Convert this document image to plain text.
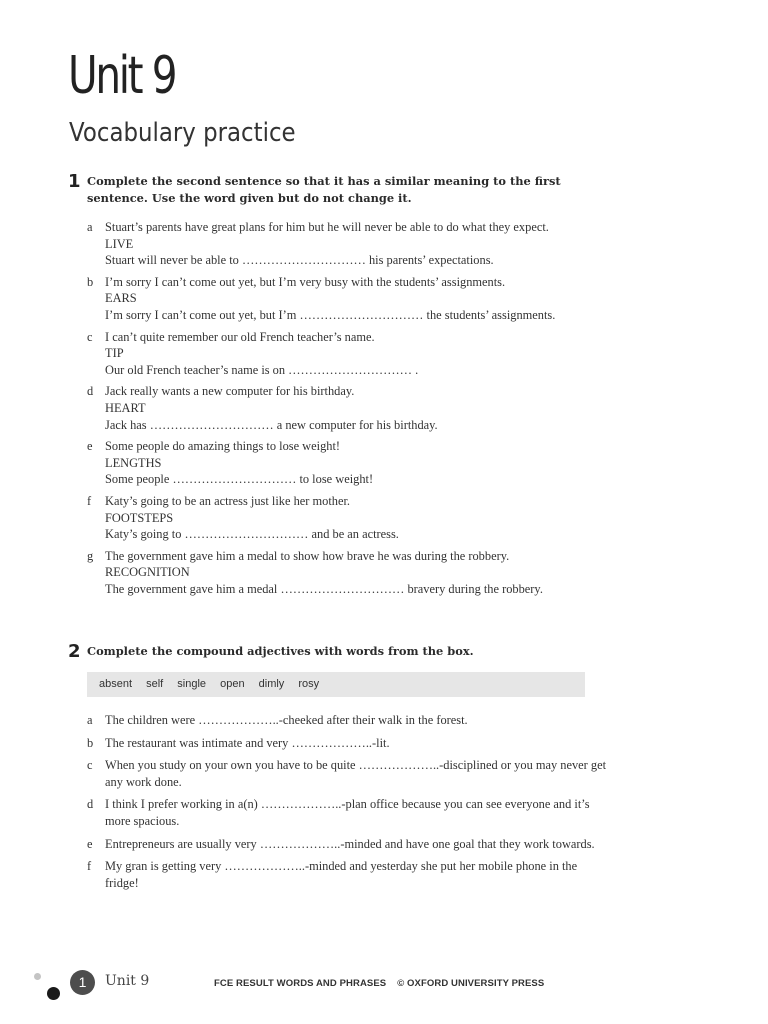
Unit 9
Vocabulary practice
1 Complete the second sentence so that it has a similar meaning to the first sentence. Use the word given but do not change it.

a	Stuart’s parents have great plans for him but he will never be able to do what they expect.
LIVE
Stuart will never be able to ………………………… his parents’ expectations.
b I’m sorry I can’t come out yet, but I’m very busy with the students’ assignments.
EARS
I’m sorry I can’t come out yet, but I’m ………………………… the students’ assignments.
c	I can’t quite remember our old French teacher’s name.
TIP
Our old French teacher’s name is on ………………………… .
d Jack really wants a new computer for his birthday.
HEART
Jack has ………………………… a new computer for his birthday.
e	Some people do amazing things to lose weight!
LENGTHS
Some people ………………………… to lose weight!
f	Katy’s going to be an actress just like her mother.
FOOTSTEPS
Katy’s going to ………………………… and be an actress.
g The government gave him a medal to show how brave he was during the robbery.
RECOGNITION
The government gave him a medal ………………………… bravery during the robbery.
2 Complete the compound adjectives with words from the box.

absent self single open dimly rosy
a	The children were ………………..-cheeked after their walk in the forest.
b The restaurant was intimate and very ………………..-lit.
c	When you study on your own you have to be quite ………………..-disciplined or you may never get any work done.
d I think I prefer working in a(n) ………………..-plan office because you can see everyone and it’s more spacious.
e	Entrepreneurs are usually very ………………..-minded and have one goal that they work towards.
f	My gran is getting very ………………..-minded and yesterday she put her mobile phone in the fridge!
1	Unit 9	FCE RESULT WORDS AND PHRASES © OXFORD UNIVERSITY PRESS
